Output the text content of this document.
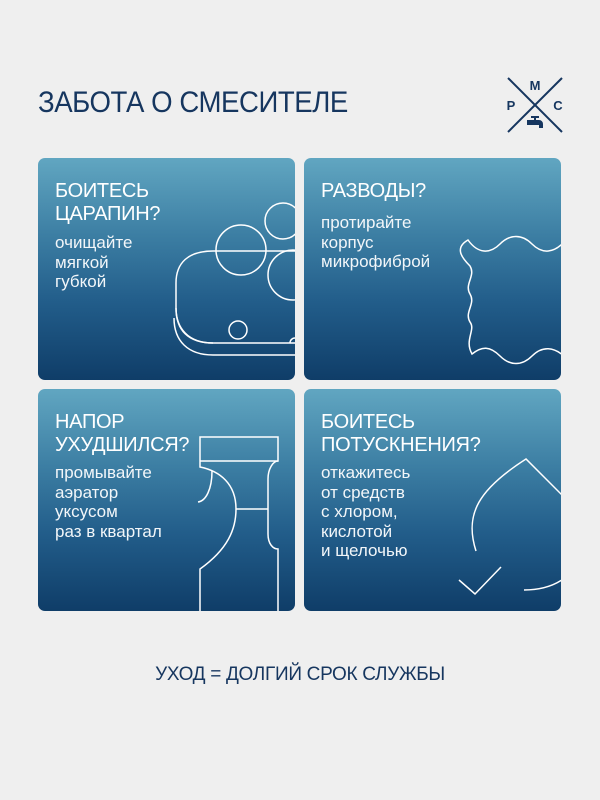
ЗАБОТА О СМЕСИТЕЛЕ
М
Р	С
БОИТЕСЬ
ЦАРАПИН?
очищайте
мягкой
губкой
РАЗВОДЫ?
протирайте
корпус
микрофиброй
НАПОР
УХУДШИЛСЯ?
промывайте
аэратор
уксусом
раз в квартал
БОИТЕСЬ
ПОТУСКНЕНИЯ?
откажитесь
от средств
с хлором,
кислотой
и щелочью
УХОД = ДОЛГИЙ СРОК СЛУЖБЫ
